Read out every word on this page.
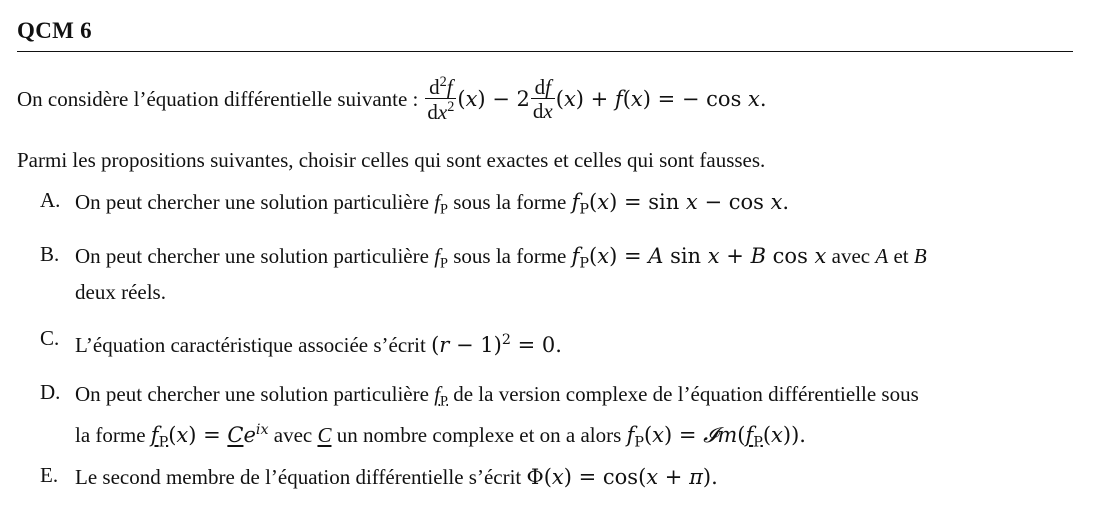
QCM 6
On considère l’équation différentielle suivante : $\frac{d^2f}{dx^2} (x) - 2 \frac{df}{dx} (x) + f(x)$ = − cos x.
Parmi les propositions suivantes, choisir celles qui sont exactes et celles qui sont fausses.
A. On peut chercher une solution particulière $f_P$ sous la forme $f_P(x) = \sin x - \cos x$.
B. On peut chercher une solution particulière $f_P$ sous la forme $f_P(x) = A$ sin x + B cos x avec A et B
deux réels.
C. L’équation caractéristique associée s’écrit $(r - 1)^2 = 0$.
D. On peut chercher une solution particulière $f_P$ de la version complexe de l’équation différentielle sous
la forme $f_P(x) = Ce^{ix}$ avec C un nombre complexe et on a alors $f_P(x)$ = $𝓘m(f_P(x))$.
E. Le second membre de l’équation différentielle s’écrit Φ(x) = cos(x + π).
